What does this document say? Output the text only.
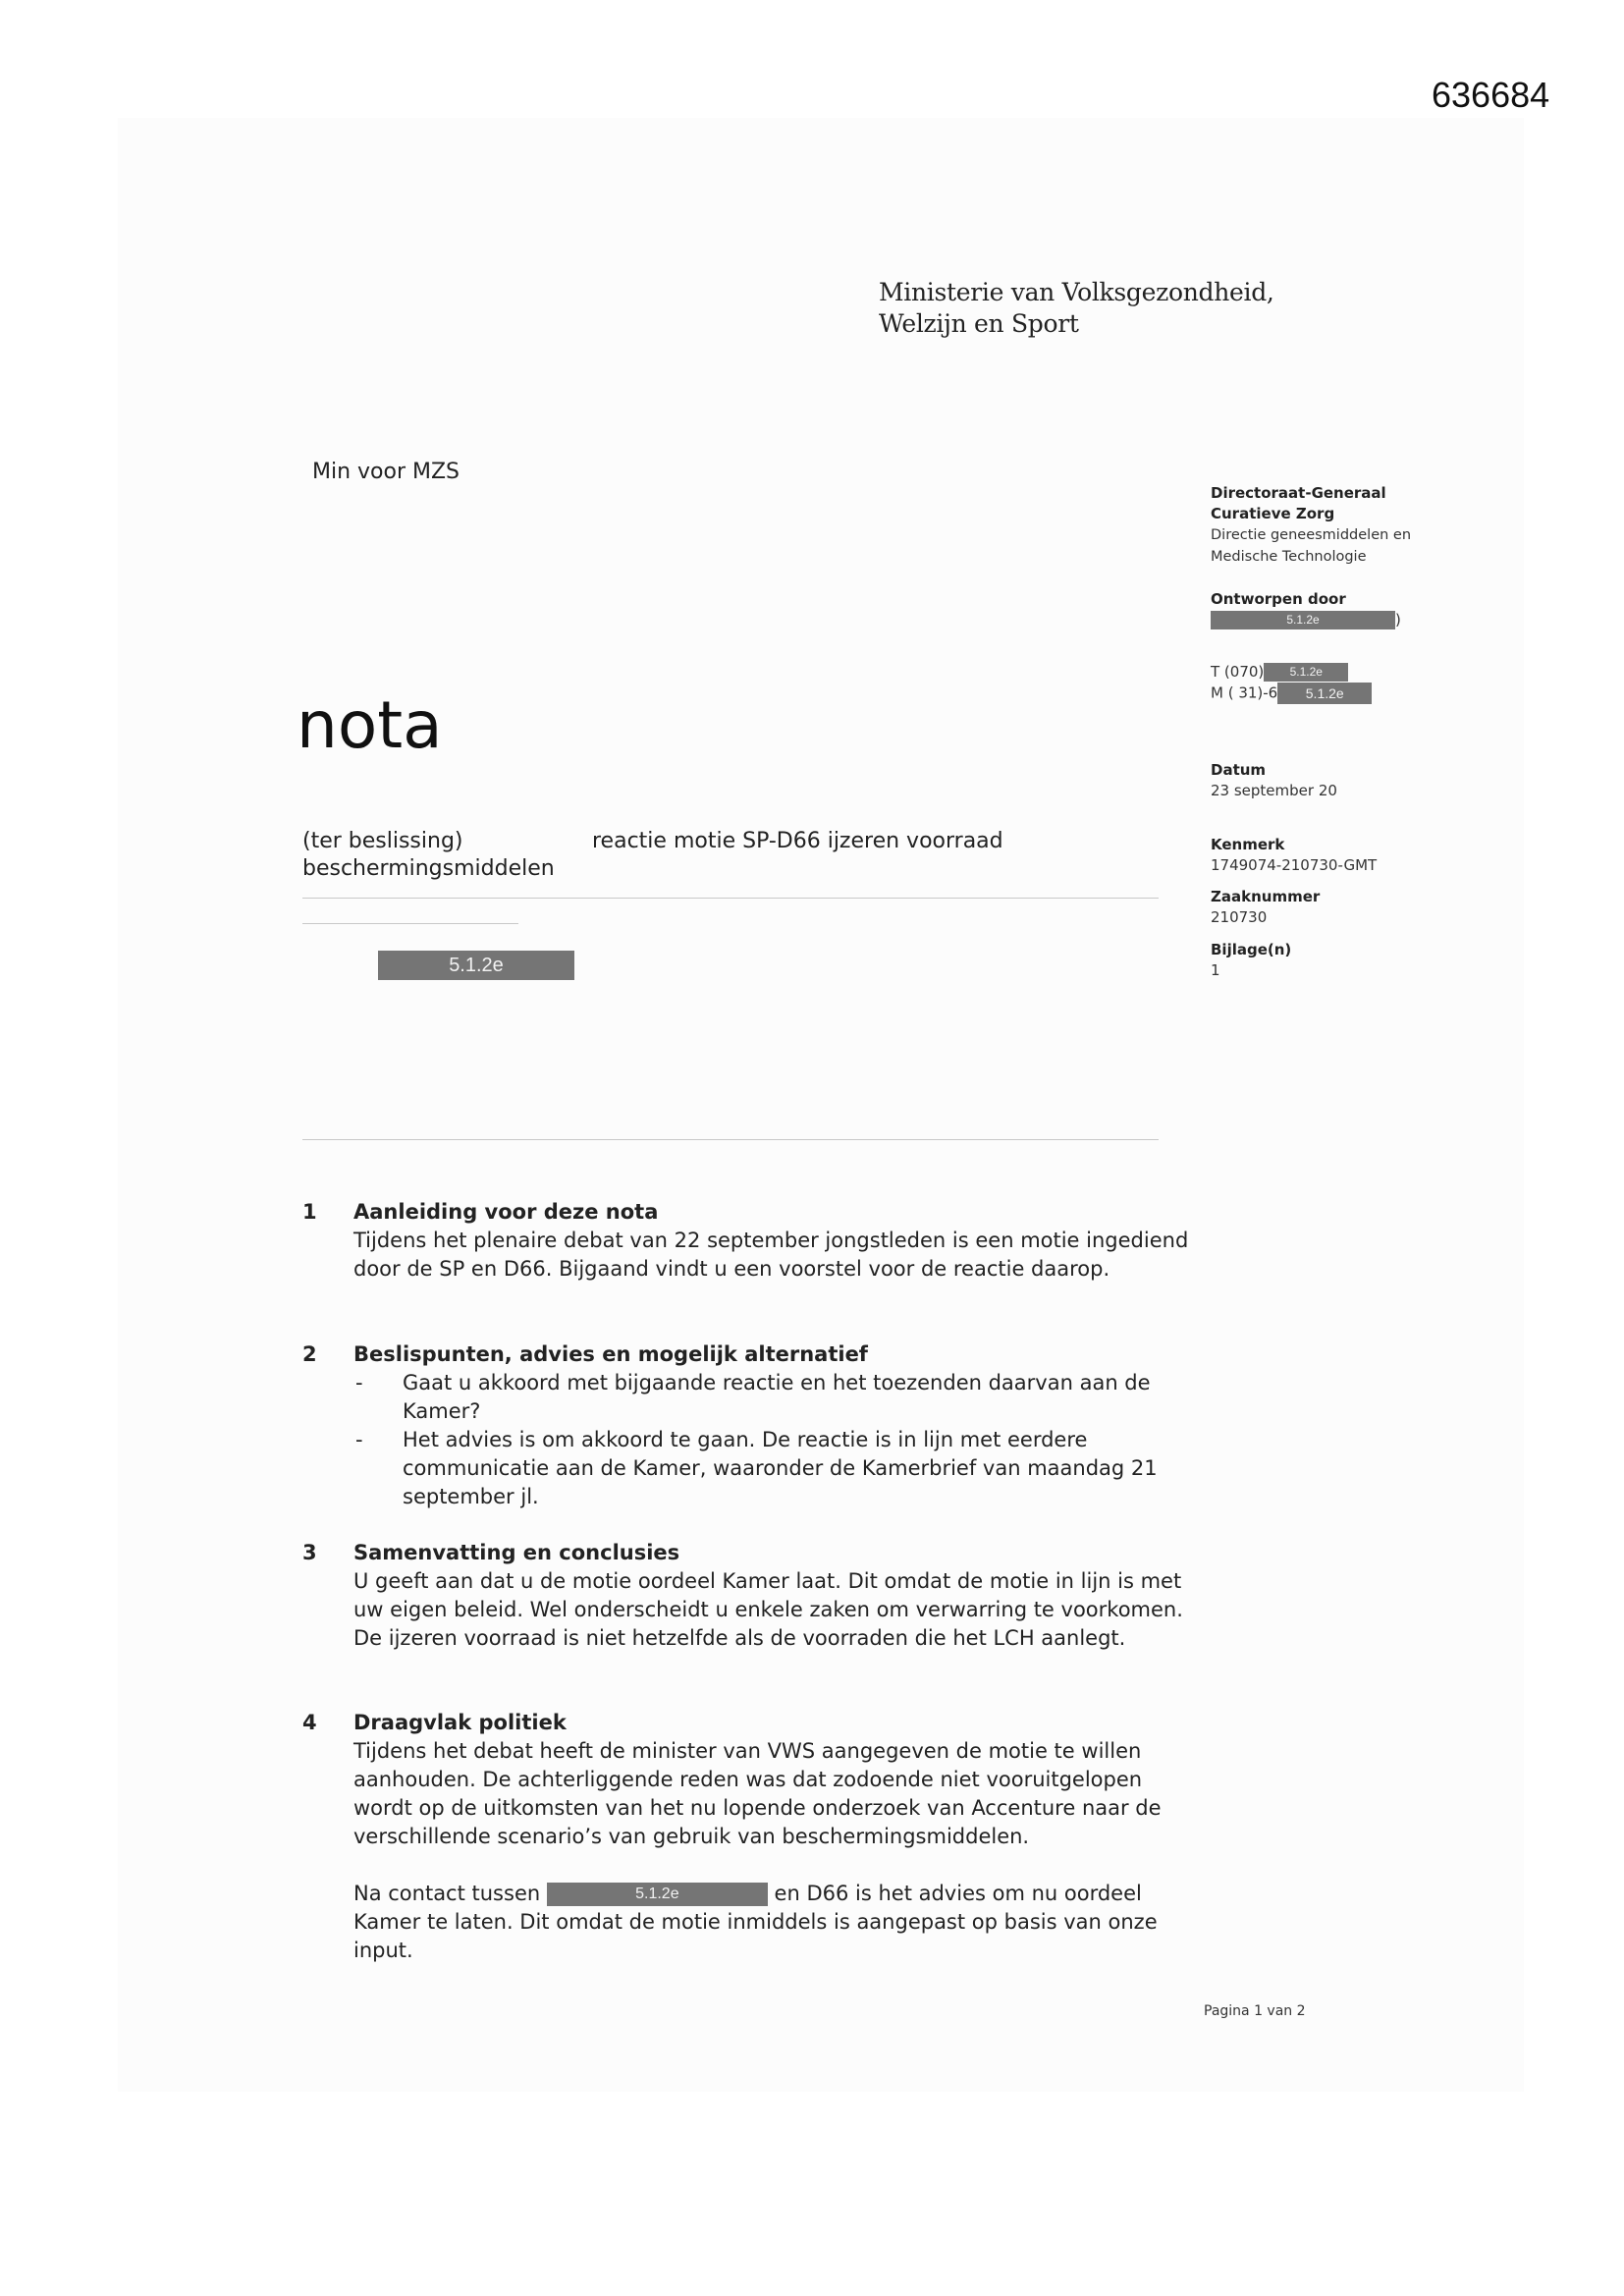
636684
Ministerie van Volksgezondheid,
Welzijn en Sport
Min voor MZS
nota
(ter beslissing)	reactie motie SP-D66 ijzeren voorraad
beschermingsmiddelen
5.1.2e
Directoraat-Generaal
Curatieve Zorg
Directie geneesmiddelen en
Medische Technologie
Ontworpen door
5.1.2e	)
T (070) 5.1.2e
M ( 31)-6 5.1.2e
Datum
23 september 20
Kenmerk
1749074-210730-GMT
Zaaknummer
210730
Bijlage(n)
1
1 Aanleiding voor deze nota

Tijdens het plenaire debat van 22 september jongstleden is een motie ingediend door de SP en D66. Bijgaand vindt u een voorstel voor de reactie daarop.

2 Beslispunten, advies en mogelijk alternatief
- Gaat u akkoord met bijgaande reactie en het toezenden daarvan aan de Kamer?
- Het advies is om akkoord te gaan. De reactie is in lijn met eerdere communicatie aan de Kamer, waaronder de Kamerbrief van maandag 21 september jl.
3 Samenvatting en conclusies

U geeft aan dat u de motie oordeel Kamer laat. Dit omdat de motie in lijn is met uw eigen beleid. Wel onderscheidt u enkele zaken om verwarring te voorkomen. De ijzeren voorraad is niet hetzelfde als de voorraden die het LCH aanlegt.

4 Draagvlak politiek

Tijdens het debat heeft de minister van VWS aangegeven de motie te willen aanhouden. De achterliggende reden was dat zodoende niet vooruitgelopen wordt op de uitkomsten van het nu lopende onderzoek van Accenture naar de verschillende scenario’s van gebruik van beschermingsmiddelen.

Na contact tussen	5.1.2e	en D66 is het advies om nu oordeel Kamer te laten. Dit omdat de motie inmiddels is aangepast op basis van onze input.

Pagina 1 van 2
